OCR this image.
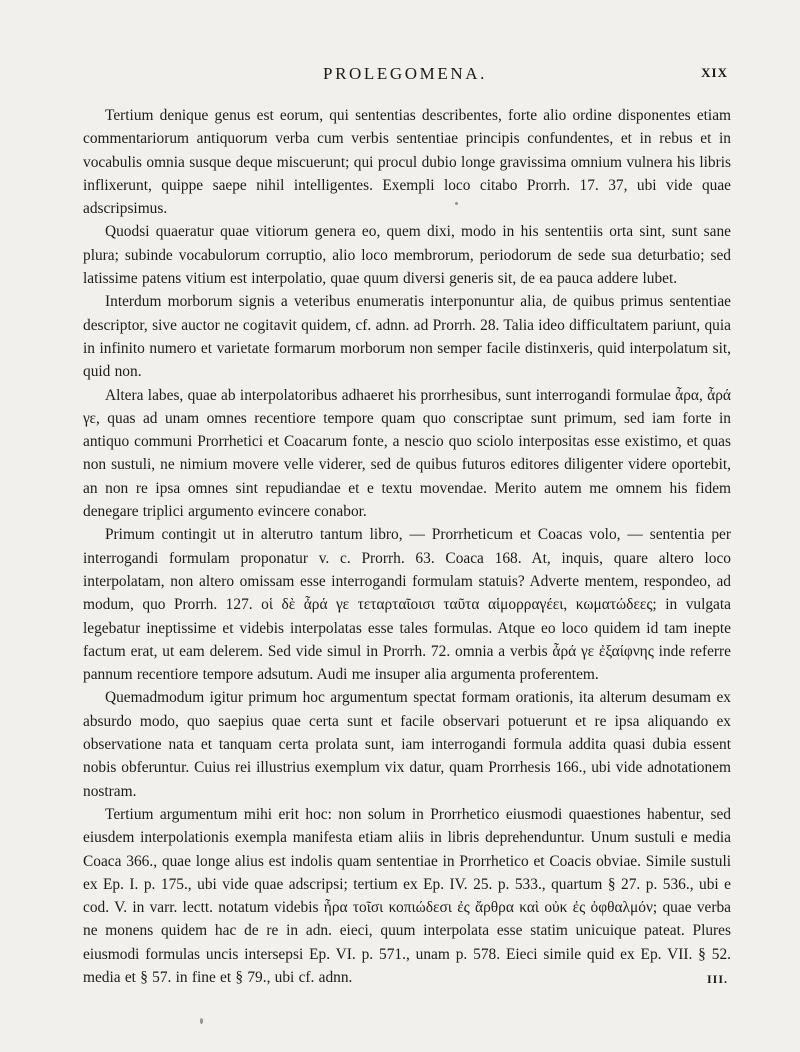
PROLEGOMENA.	XIX

Tertium denique genus est eorum, qui sententias describentes, forte alio ordine disponentes etiam commentariorum antiquorum verba cum verbis sententiae principis confundentes, et in rebus et in vocabulis omnia susque deque miscuerunt; qui procul dubio longe gravissima omnium vulnera his libris inflixerunt, quippe saepe nihil intelligentes. Exempli loco citabo Prorrh. 17. 37, ubi vide quae adscripsimus.

Quodsi quaeratur quae vitiorum genera eo, quem dixi, modo in his sententiis orta sint, sunt sane plura; subinde vocabulorum corruptio, alio loco membrorum, periodorum de sede sua deturbatio; sed latissime patens vitium est interpolatio, quae quum diversi generis sit, de ea pauca addere lubet.

Interdum morborum signis a veteribus enumeratis interponuntur alia, de quibus primus sententiae descriptor, sive auctor ne cogitavit quidem, cf. adnn. ad Prorrh. 28. Talia ideo difficultatem pariunt, quia in infinito numero et varietate formarum morborum non semper facile distinxeris, quid interpolatum sit, quid non.

Altera labes, quae ab interpolatoribus adhaeret his prorrhesibus, sunt interrogandi formulae ἆρα, ἆρά γε, quas ad unam omnes recentiore tempore quam quo conscriptae sunt primum, sed iam forte in antiquo communi Prorrhetici et Coacarum fonte, a nescio quo sciolo interpositas esse existimo, et quas non sustuli, ne nimium movere velle viderer, sed de quibus futuros editores diligenter videre oportebit, an non re ipsa omnes sint repudiandae et e textu movendae. Merito autem me omnem his fidem denegare triplici argumento evincere conabor.

Primum contingit ut in alterutro tantum libro, — Prorrheticum et Coacas volo, — sententia per interrogandi formulam proponatur v. c. Prorrh. 63. Coaca 168. At, inquis, quare altero loco interpolatam, non altero omissam esse interrogandi formulam statuis? Adverte mentem, respondeo, ad modum, quo Prorrh. 127. οἱ δὲ ἆρά γε τεταρταῖοισι ταῦτα αἱμορραγέει, κωματώδεες; in vulgata legebatur ineptissime et videbis interpolatas esse tales formulas. Atque eo loco quidem id tam inepte factum erat, ut eam delerem. Sed vide simul in Prorrh. 72. omnia a verbis ἆρά γε ἐξαίφνης inde referre pannum recentiore tempore adsutum. Audi me insuper alia argumenta proferentem.

Quemadmodum igitur primum hoc argumentum spectat formam orationis, ita alterum desumam ex absurdo modo, quo saepius quae certa sunt et facile observari potuerunt et re ipsa aliquando ex observatione nata et tanquam certa prolata sunt, iam interrogandi formula addita quasi dubia essent nobis obferuntur. Cuius rei illustrius exemplum vix datur, quam Prorrhesis 166., ubi vide adnotationem nostram.

Tertium argumentum mihi erit hoc: non solum in Prorrhetico eiusmodi quaestiones habentur, sed eiusdem interpolationis exempla manifesta etiam aliis in libris deprehenduntur. Unum sustuli e media Coaca 366., quae longe alius est indolis quam sententiae in Prorrhetico et Coacis obviae. Simile sustuli ex Ep. I. p. 175., ubi vide quae adscripsi; tertium ex Ep. IV. 25. p. 533., quartum § 27. p. 536., ubi e cod. V. in varr. lectt. notatum videbis ἦρα τοῖσι κοπιώδεσι ἐς ἄρθρα καὶ οὐκ ἐς ὀφθαλμόν; quae verba ne monens quidem hac de re in adn. eieci, quum interpolata esse statim unicuique pateat. Plures eiusmodi formulas uncis intersepsi Ep. VI. p. 571., unam p. 578. Eieci simile quid ex Ep. VII. § 52. media et § 57. in fine et § 79., ubi cf. adnn.	III.
